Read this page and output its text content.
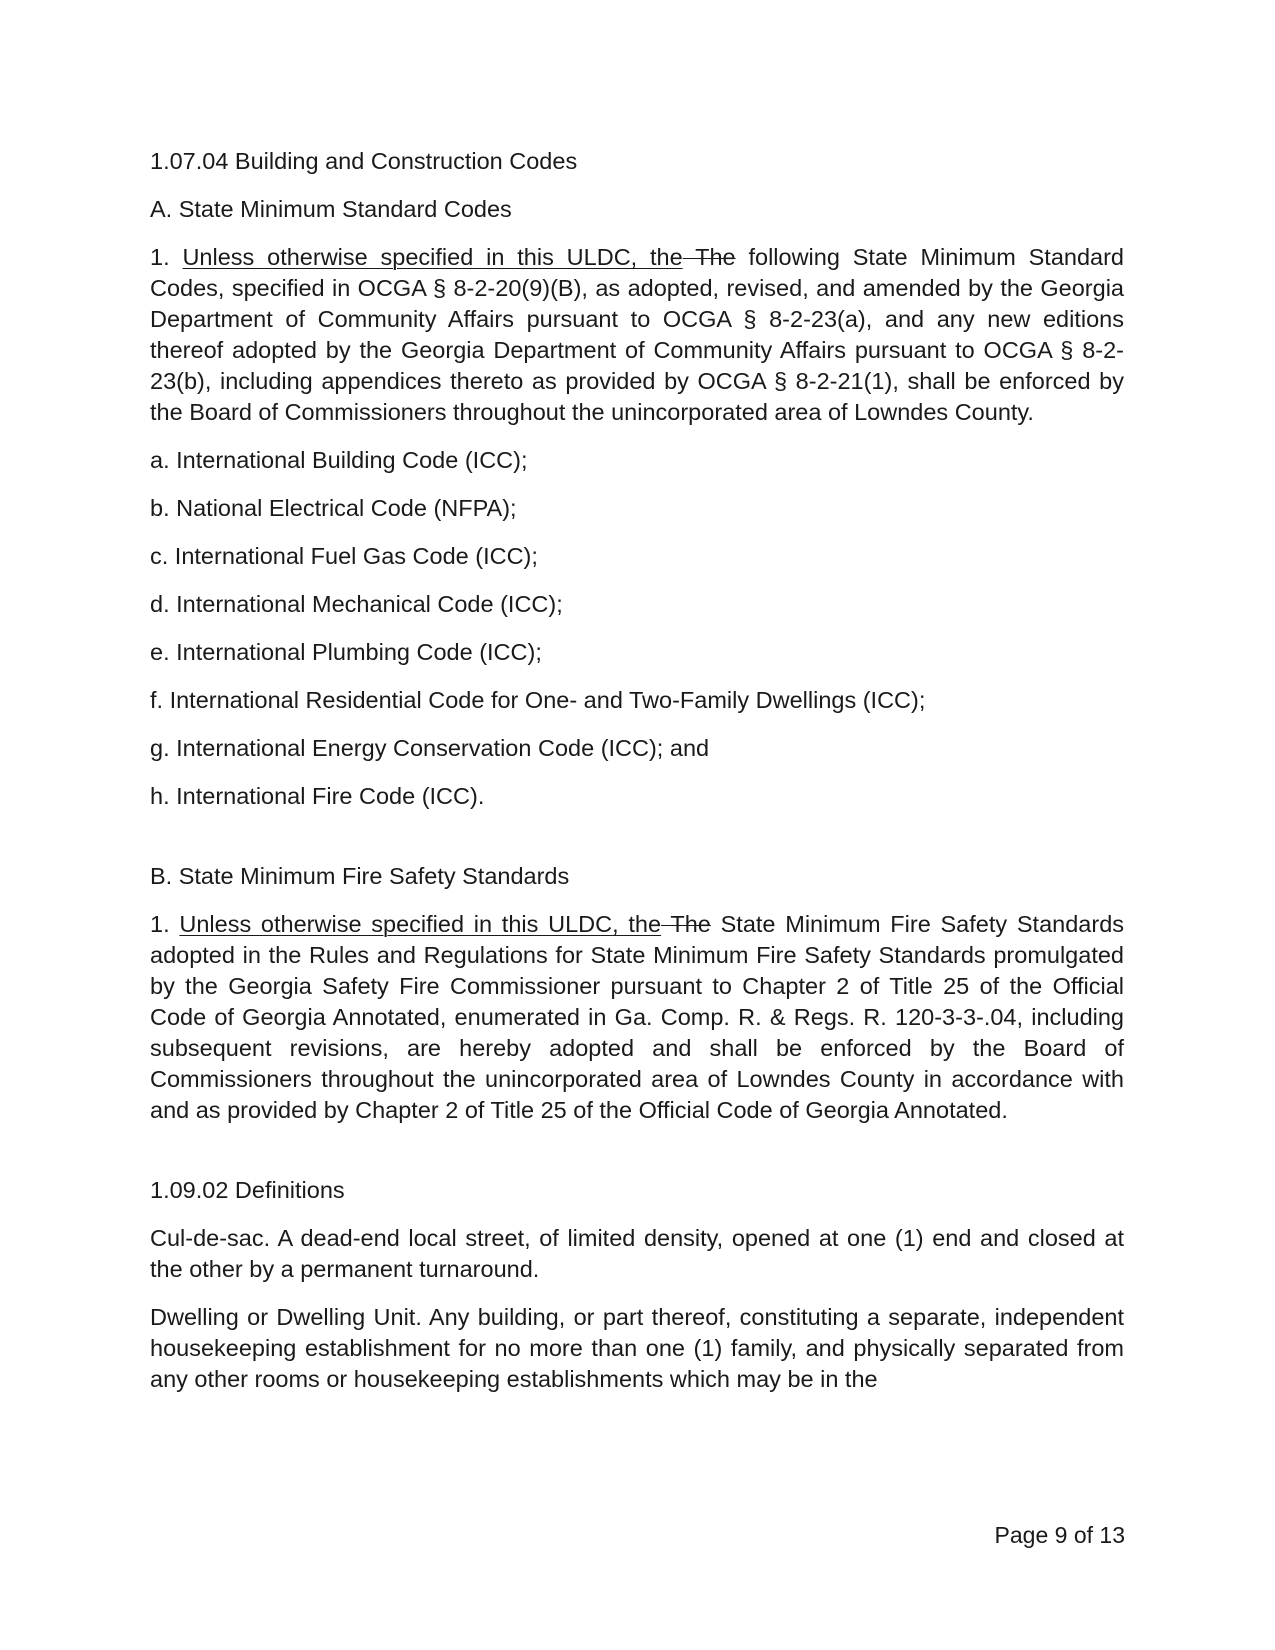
1.07.04 Building and Construction Codes

A. State Minimum Standard Codes

1. Unless otherwise specified in this ULDC, the The following State Minimum Standard Codes, specified in OCGA § 8-2-20(9)(B), as adopted, revised, and amended by the Georgia Department of Community Affairs pursuant to OCGA § 8-2-23(a), and any new editions thereof adopted by the Georgia Department of Community Affairs pursuant to OCGA § 8-2-23(b), including appendices thereto as provided by OCGA § 8-2-21(1), shall be enforced by the Board of Commissioners throughout the unincorporated area of Lowndes County.

a. International Building Code (ICC);

b. National Electrical Code (NFPA);

c. International Fuel Gas Code (ICC);

d. International Mechanical Code (ICC);

e. International Plumbing Code (ICC);

f. International Residential Code for One- and Two-Family Dwellings (ICC);

g. International Energy Conservation Code (ICC); and

h. International Fire Code (ICC).

B. State Minimum Fire Safety Standards

1. Unless otherwise specified in this ULDC, the The State Minimum Fire Safety Standards adopted in the Rules and Regulations for State Minimum Fire Safety Standards promulgated by the Georgia Safety Fire Commissioner pursuant to Chapter 2 of Title 25 of the Official Code of Georgia Annotated, enumerated in Ga. Comp. R. & Regs. R. 120-3-3-.04, including subsequent revisions, are hereby adopted and shall be enforced by the Board of Commissioners throughout the unincorporated area of Lowndes County in accordance with and as provided by Chapter 2 of Title 25 of the Official Code of Georgia Annotated.

1.09.02 Definitions

Cul-de-sac. A dead-end local street, of limited density, opened at one (1) end and closed at the other by a permanent turnaround.

Dwelling or Dwelling Unit. Any building, or part thereof, constituting a separate, independent housekeeping establishment for no more than one (1) family, and physically separated from any other rooms or housekeeping establishments which may be in the

Page 9 of 13
